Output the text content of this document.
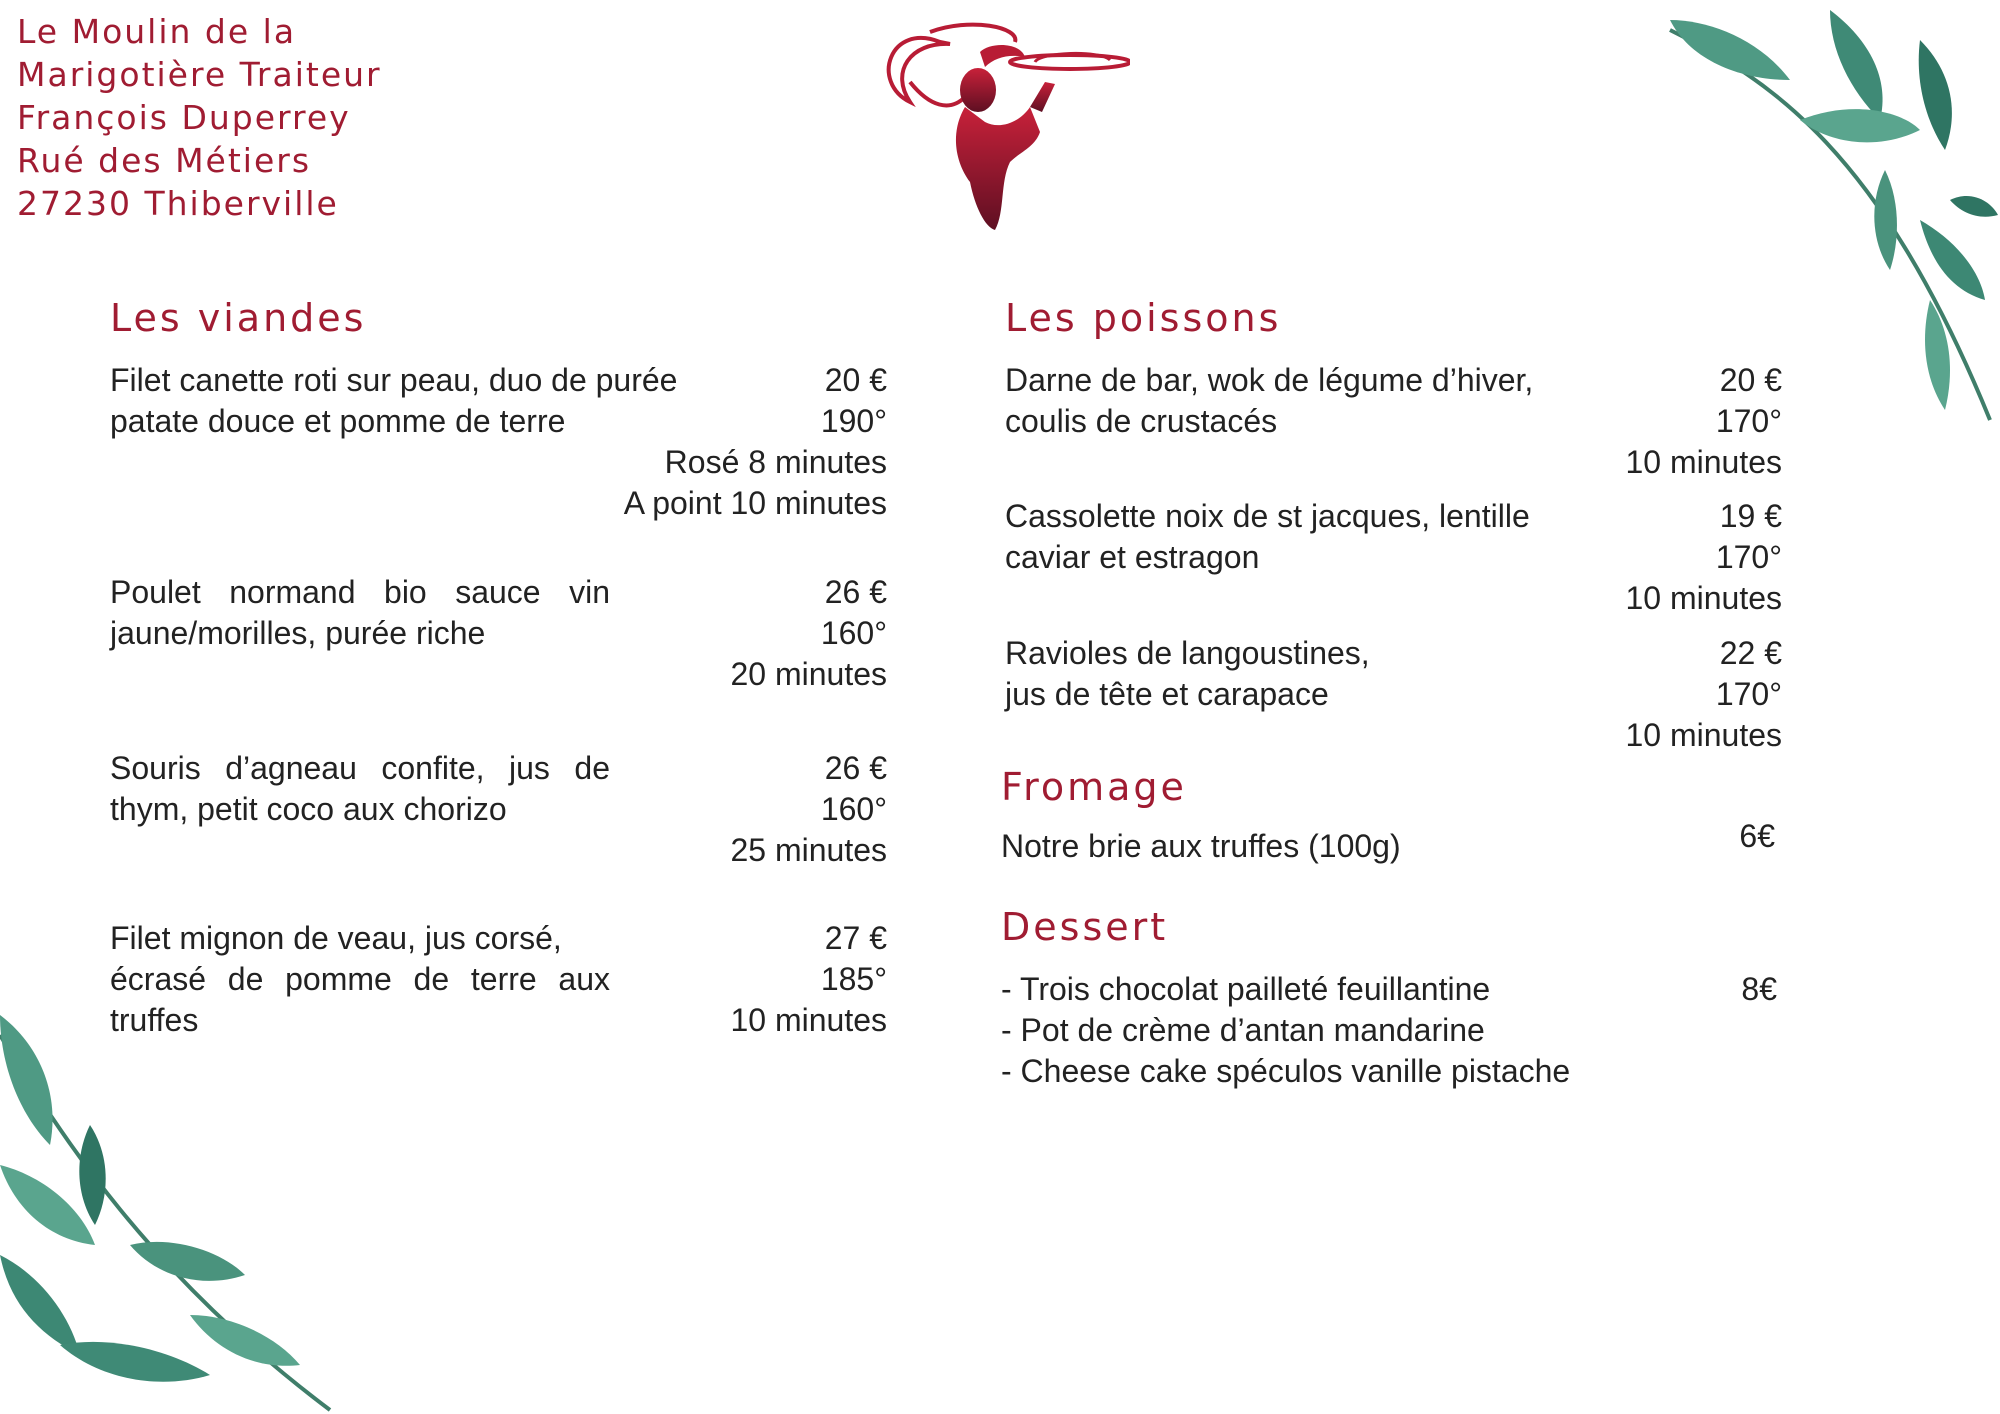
Le Moulin de la
Marigotière Traiteur
François Duperrey
Rué des Métiers
27230 Thiberville
Les viandes
Filet canette roti sur peau, duo de purée
patate douce et pomme de terre
20 €
190°
Rosé 8 minutes
A point 10 minutes
Poulet normand bio sauce vin
jaune/morilles, purée riche
26 €
160°
20 minutes
Souris d’agneau confite, jus de
thym, petit coco aux chorizo
26 €
160°
25 minutes
Filet mignon de veau, jus corsé,
écrasé de pomme de terre aux
truffes
27 €
185°
10 minutes
Les poissons
Darne de bar, wok de légume d’hiver,
coulis de crustacés
20 €
170°
10 minutes
Cassolette noix de st jacques, lentille
caviar et estragon
19 €
170°
10 minutes
Ravioles de langoustines,
jus de tête et carapace
22 €
170°
10 minutes
Fromage
Notre brie aux truffes (100g)	6€
Dessert
- Trois chocolat pailleté feuillantine
- Pot de crème d’antan mandarine
- Cheese cake spéculos vanille pistache
8€
